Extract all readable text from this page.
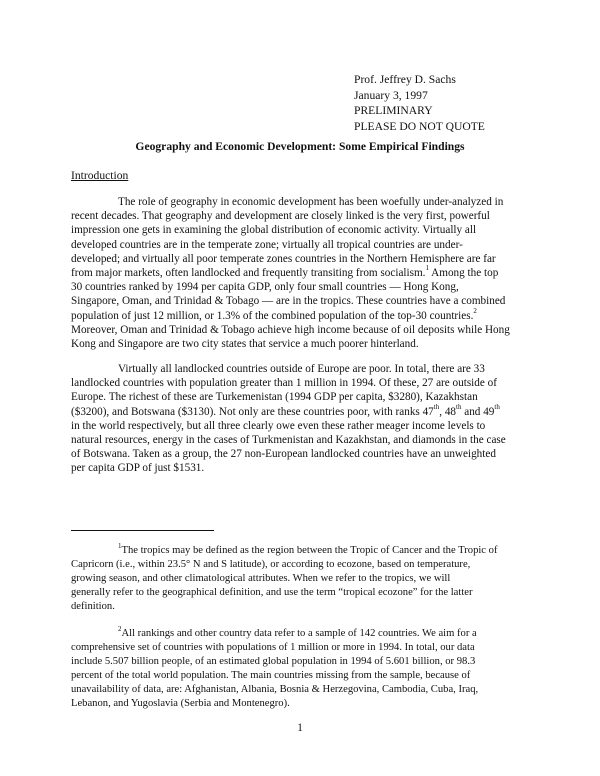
Prof. Jeffrey D. Sachs
January 3, 1997
PRELIMINARY
PLEASE DO NOT QUOTE
Geography and Economic Development: Some Empirical Findings
Introduction
The role of geography in economic development has been woefully under-analyzed in
recent decades. That geography and development are closely linked is the very first, powerful
impression one gets in examining the global distribution of economic activity. Virtually all
developed countries are in the temperate zone; virtually all tropical countries are under-
developed; and virtually all poor temperate zones countries in the Northern Hemisphere are far
from major markets, often landlocked and frequently transiting from socialism.$^1$ Among the top
30 countries ranked by 1994 per capita GDP, only four small countries — Hong Kong,
Singapore, Oman, and Trinidad & Tobago — are in the tropics. These countries have a combined
population of just 12 million, or 1.3% of the combined population of the top-30 countries.$^2$
Moreover, Oman and Trinidad & Tobago achieve high income because of oil deposits while Hong
Kong and Singapore are two city states that service a much poorer hinterland.
Virtually all landlocked countries outside of Europe are poor. In total, there are 33
landlocked countries with population greater than 1 million in 1994. Of these, 27 are outside of
Europe. The richest of these are Turkemenistan (1994 GDP per capita, $3280), Kazakhstan
($3200), and Botswana ($3130). Not only are these countries poor, with ranks 47th, 48th and 49th
in the world respectively, but all three clearly owe even these rather meager income levels to
natural resources, energy in the cases of Turkmenistan and Kazakhstan, and diamonds in the case
of Botswana. Taken as a group, the 27 non-European landlocked countries have an unweighted
per capita GDP of just $1531.
$^1$The tropics may be defined as the region between the Tropic of Cancer and the Tropic of
Capricorn (i.e., within 23.5° N and S latitude), or according to ecozone, based on temperature,
growing season, and other climatological attributes. When we refer to the tropics, we will
generally refer to the geographical definition, and use the term “tropical ecozone” for the latter
definition.
$^2$All rankings and other country data refer to a sample of 142 countries. We aim for a
comprehensive set of countries with populations of 1 million or more in 1994. In total, our data
include 5.507 billion people, of an estimated global population in 1994 of 5.601 billion, or 98.3
percent of the total world population. The main countries missing from the sample, because of
unavailability of data, are: Afghanistan, Albania, Bosnia & Herzegovina, Cambodia, Cuba, Iraq,
Lebanon, and Yugoslavia (Serbia and Montenegro).
1
